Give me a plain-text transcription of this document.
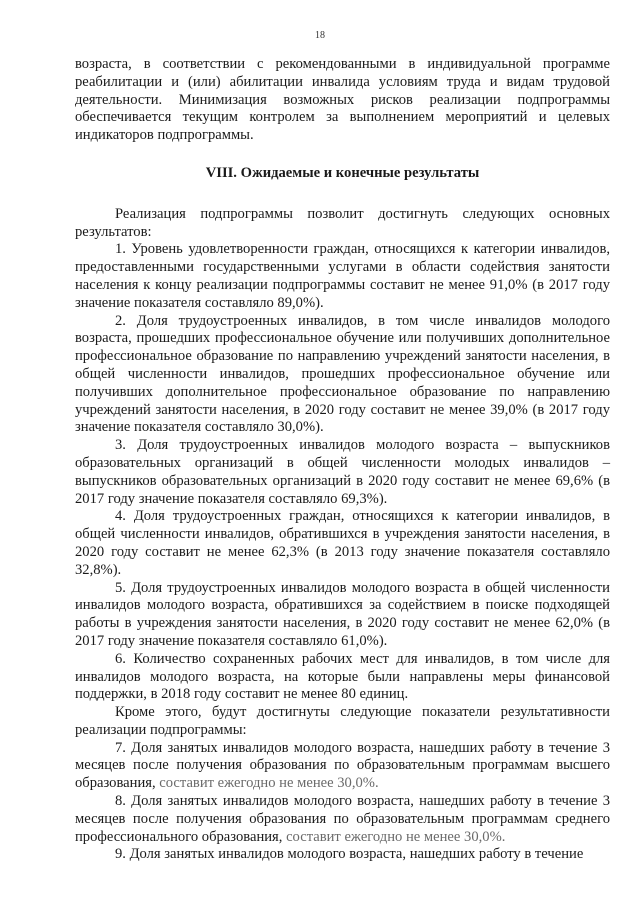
18

возраста, в соответствии с рекомендованными в индивидуальной программе реабилитации и (или) абилитации инвалида условиям труда и видам трудовой деятельности. Минимизация возможных рисков реализации подпрограммы обеспечивается текущим контролем за выполнением мероприятий и целевых индикаторов подпрограммы.

VIII. Ожидаемые и конечные результаты

Реализация подпрограммы позволит достигнуть следующих основных результатов:

1. Уровень удовлетворенности граждан, относящихся к категории инвалидов, предоставленными государственными услугами в области содействия занятости населения к концу реализации подпрограммы составит не менее 91,0% (в 2017 году значение показателя составляло 89,0%).

2. Доля трудоустроенных инвалидов, в том числе инвалидов молодого возраста, прошедших профессиональное обучение или получивших дополнительное профессиональное образование по направлению учреждений занятости населения, в общей численности инвалидов, прошедших профессиональное обучение или получивших дополнительное профессиональное образование по направлению учреждений занятости населения, в 2020 году составит не менее 39,0% (в 2017 году значение показателя составляло 30,0%).

3. Доля трудоустроенных инвалидов молодого возраста – выпускников образовательных организаций в общей численности молодых инвалидов – выпускников образовательных организаций в 2020 году составит не менее 69,6% (в 2017 году значение показателя составляло 69,3%).

4. Доля трудоустроенных граждан, относящихся к категории инвалидов, в общей численности инвалидов, обратившихся в учреждения занятости населения, в 2020 году составит не менее 62,3% (в 2013 году значение показателя составляло 32,8%).

5. Доля трудоустроенных инвалидов молодого возраста в общей численности инвалидов молодого возраста, обратившихся за содействием в поиске подходящей работы в учреждения занятости населения, в 2020 году составит не менее 62,0% (в 2017 году значение показателя составляло 61,0%).

6. Количество сохраненных рабочих мест для инвалидов, в том числе для инвалидов молодого возраста, на которые были направлены меры финансовой поддержки, в 2018 году составит не менее 80 единиц.

Кроме этого, будут достигнуты следующие показатели результативности реализации подпрограммы:

7. Доля занятых инвалидов молодого возраста, нашедших работу в течение 3 месяцев после получения образования по образовательным программам высшего образования, составит ежегодно не менее 30,0%.

8. Доля занятых инвалидов молодого возраста, нашедших работу в течение 3 месяцев после получения образования по образовательным программам среднего профессионального образования, составит ежегодно не менее 30,0%.

9. Доля занятых инвалидов молодого возраста, нашедших работу в течение
